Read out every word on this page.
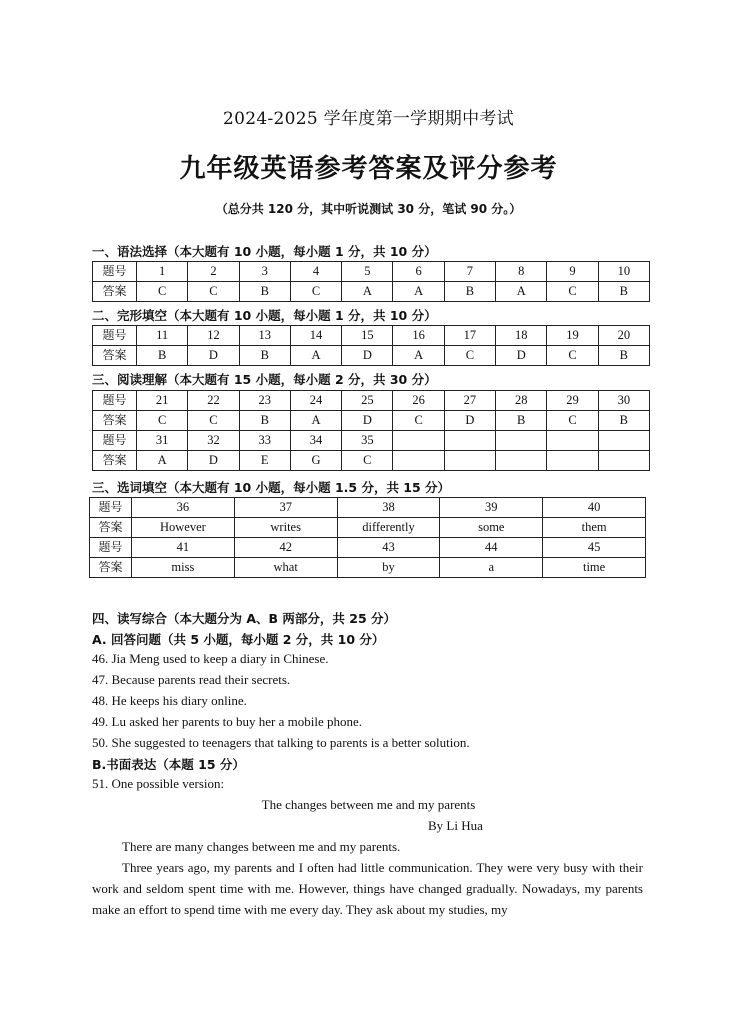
2024-2025 学年度第一学期期中考试
九年级英语参考答案及评分参考
（总分共 120 分，其中听说测试 30 分，笔试 90 分。）
一、语法选择（本大题有 10 小题，每小题 1 分，共 10 分）
题号	1	2	3	4	5	6	7	8	9	10
答案	C	C	B	C	A	A	B	A	C	B
二、完形填空（本大题有 10 小题，每小题 1 分，共 10 分）
题号	11	12	13	14	15	16	17	18	19	20
答案	B	D	B	A	D	A	C	D	C	B
三、阅读理解（本大题有 15 小题，每小题 2 分，共 30 分）
题号	21	22	23	24	25	26	27	28	29	30
答案	C	C	B	A	D	C	D	B	C	B
题号	31	32	33	34	35					
答案	A	D	E	G	C					
三、选词填空（本大题有 10 小题，每小题 1.5 分，共 15 分）
题号	36	37	38	39	40
答案	However	writes	differently	some	them
题号	41	42	43	44	45
答案	miss	what	by	a	time
四、读写综合（本大题分为 A、B 两部分，共 25 分）
A. 回答问题（共 5 小题，每小题 2 分，共 10 分）
46. Jia Meng used to keep a diary in Chinese.
47. Because parents read their secrets.
48. He keeps his diary online.
49. Lu asked her parents to buy her a mobile phone.
50. She suggested to teenagers that talking to parents is a better solution.
B.书面表达（本题 15 分）
51. One possible version:
The changes between me and my parents
By Li Hua
There are many changes between me and my parents.
Three years ago, my parents and I often had little communication. They were very busy with their work and seldom spent time with me. However, things have changed gradually. Nowadays, my parents make an effort to spend time with me every day. They ask about my studies, my
